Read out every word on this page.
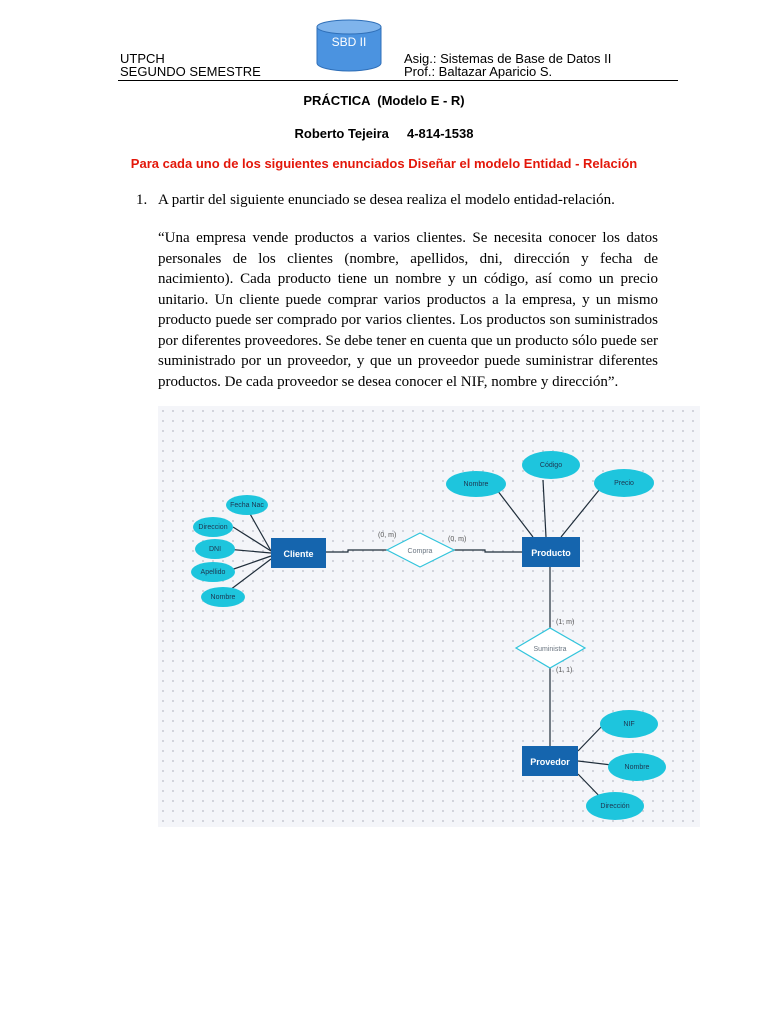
UTPCH
SEGUNDO SEMESTRE
SBD II
Asig.: Sistemas de Base de Datos II
Prof.: Baltazar Aparicio S.
PRÁCTICA  (Modelo E - R)
Roberto Tejeira     4-814-1538
Para cada uno de los siguientes enunciados Diseñar el modelo Entidad - Relación
1. A partir del siguiente enunciado se desea realiza el modelo entidad-relación.
“Una empresa vende productos a varios clientes. Se necesita conocer los datos personales de los clientes (nombre, apellidos, dni, dirección y fecha de nacimiento). Cada producto tiene un nombre y un código, así como un precio unitario. Un cliente puede comprar varios productos a la empresa, y un mismo producto puede ser comprado por varios clientes. Los productos son suministrados por diferentes proveedores. Se debe tener en cuenta que un producto sólo puede ser suministrado por un proveedor, y que un proveedor puede suministrar diferentes productos. De cada proveedor se desea conocer el NIF, nombre y dirección”.
Cliente	Producto
Provedor
Compra
Suministra
(0, m)
(0, m)
(1, m)
(1, 1)
Fecha Nac
Direccion
DNI
Apellido
Nombre
Nombre
Código
Precio
NIF
Nombre
Dirección
